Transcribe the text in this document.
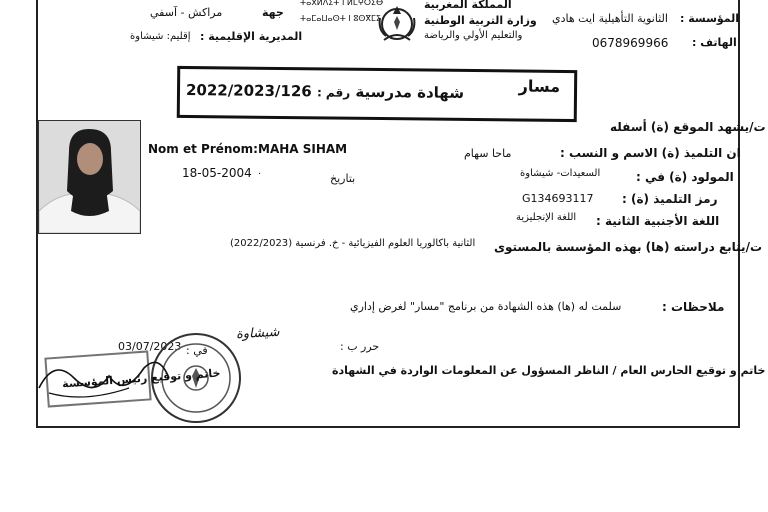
جهة
مراكش - آسفي
المديرية الإقليمية :
إقليم: شيشاوة
ⵜⴰⴳⵍⴷⵉⵜ ⵏ ⵍⵎⵖⵔⵉⴱ
ⵜⴰⵎⴰⵡⴰⵙⵜ ⵏ ⵓⵙⴳⵎⵉ
المملكة المغربية
وزارة التربية الوطنية
والتعليم الأولي والرياضة
المؤسسة :
الثانوية التأهيلية ايت هادي
الهاتف :
0678969966
شهادة مدرسية رقم : 2022/2023/126	مسار
ت/يشهد الموقع (ة) أسفله
Nom et Prénom: MAHA SIHAM	ان التلميذ (ة) الاسم و النسب :
ماحا سهام
18-05-2004 .
بتاريخ	المولود (ة) في :
السعيدات- شيشاوة
رمز التلميذ (ة) :
G134693117
اللغة الأجنبية الثانية :
اللغة الإنجليزية
ت/يتابع دراسته (ها) بهذه المؤسسة بالمستوى
الثانية باكالوريا العلوم الفيزيائية - خ. فرنسية (2022/2023)
ملاحظات :
سلمت له (ها) هذه الشهادة من برنامج "مسار" لغرض إداري
حرر ب :
شيشاوة
في :
03/07/2023
خاتم و توقيع الحارس العام / الناظر المسؤول عن المعلومات الواردة في الشهادة
خاتم و توقيع رئيس المؤسسة
